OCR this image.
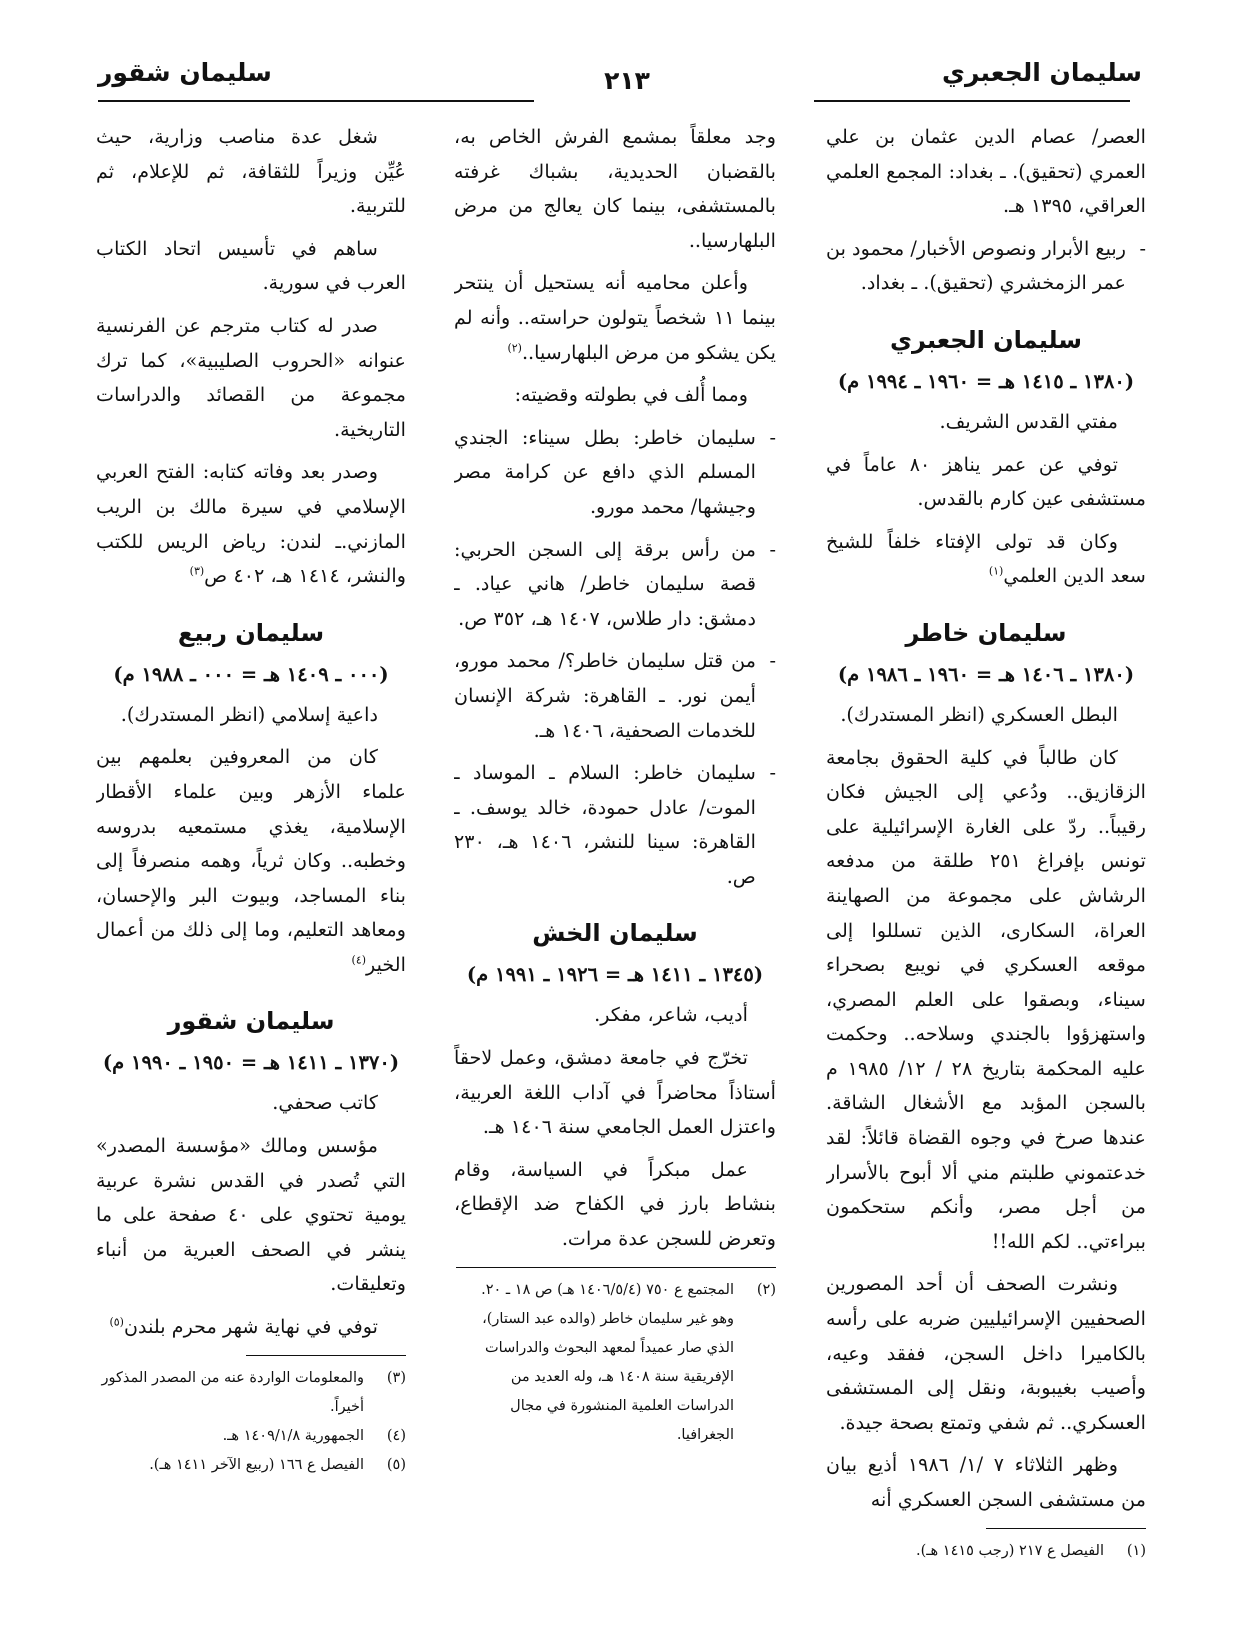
سليمان الجعبري
٢١٣
سليمان شقور
العصر/ عصام الدين عثمان بن علي العمري (تحقيق). ـ بغداد: المجمع العلمي العراقي، ١٣٩٥ هـ.
- ربيع الأبرار ونصوص الأخبار/ محمود بن عمر الزمخشري (تحقيق). ـ بغداد.
سليمان الجعبري
(١٣٨٠ ـ ١٤١٥ هـ = ١٩٦٠ ـ ١٩٩٤ م)
مفتي القدس الشريف.
توفي عن عمر يناهز ٨٠ عاماً في مستشفى عين كارم بالقدس.
وكان قد تولى الإفتاء خلفاً للشيخ سعد الدين العلمي$^{(١)}$
سليمان خاطر
(١٣٨٠ ـ ١٤٠٦ هـ = ١٩٦٠ ـ ١٩٨٦ م)
البطل العسكري (انظر المستدرك).
كان طالباً في كلية الحقوق بجامعة الزقازيق.. ودُعي إلى الجيش فكان رقيباً.. ردّ على الغارة الإسرائيلية على تونس بإفراغ ٢٥١ طلقة من مدفعه الرشاش على مجموعة من الصهاينة العراة، السكارى، الذين تسللوا إلى موقعه العسكري في نويبع بصحراء سيناء، وبصقوا على العلم المصري، واستهزؤوا بالجندي وسلاحه.. وحكمت عليه المحكمة بتاريخ ٢٨ / ١٢/ ١٩٨٥ م بالسجن المؤبد مع الأشغال الشاقة. عندها صرخ في وجوه القضاة قائلاً: لقد خدعتموني طلبتم مني ألا أبوح بالأسرار من أجل مصر، وأنكم ستحكمون ببراءتي.. لكم الله!!
ونشرت الصحف أن أحد المصورين الصحفيين الإسرائيليين ضربه على رأسه بالكاميرا داخل السجن، ففقد وعيه، وأصيب بغيبوبة، ونقل إلى المستشفى العسكري.. ثم شفي وتمتع بصحة جيدة.
وظهر الثلاثاء ٧ /١/ ١٩٨٦ أذيع بيان من مستشفى السجن العسكري أنه
(١)
الفيصل ع ٢١٧ (رجب ١٤١٥ هـ).
وجد معلقاً بمشمع الفرش الخاص به، بالقضبان الحديدية، بشباك غرفته بالمستشفى، بينما كان يعالج من مرض البلهارسيا..
وأعلن محاميه أنه يستحيل أن ينتحر بينما ١١ شخصاً يتولون حراسته.. وأنه لم يكن يشكو من مرض البلهارسيا..$^{(٢)}$
ومما أُلف في بطولته وقضيته:
- سليمان خاطر: بطل سيناء: الجندي المسلم الذي دافع عن كرامة مصر وجيشها/ محمد مورو.
- من رأس برقة إلى السجن الحربي: قصة سليمان خاطر/ هاني عياد. ـ دمشق: دار طلاس، ١٤٠٧ هـ، ٣٥٢ ص.
- من قتل سليمان خاطر؟/ محمد مورو، أيمن نور. ـ القاهرة: شركة الإنسان للخدمات الصحفية، ١٤٠٦ هـ.
- سليمان خاطر: السلام ـ الموساد ـ الموت/ عادل حمودة، خالد يوسف. ـ القاهرة: سينا للنشر، ١٤٠٦ هـ، ٢٣٠ ص.
سليمان الخش
(١٣٤٥ ـ ١٤١١ هـ = ١٩٢٦ ـ ١٩٩١ م)
أديب، شاعر، مفكر.
تخرّج في جامعة دمشق، وعمل لاحقاً أستاذاً محاضراً في آداب اللغة العربية، واعتزل العمل الجامعي سنة ١٤٠٦ هـ.
عمل مبكراً في السياسة، وقام بنشاط بارز في الكفاح ضد الإقطاع، وتعرض للسجن عدة مرات.
(٢)
المجتمع ع ٧٥٠ (١٤٠٦/٥/٤ هـ) ص ١٨ ـ ٢٠.
وهو غير سليمان خاطر (والده عبد الستار)، الذي صار عميداً لمعهد البحوث والدراسات الإفريقية سنة ١٤٠٨ هـ، وله العديد من الدراسات العلمية المنشورة في مجال الجغرافيا.
شغل عدة مناصب وزارية، حيث عُيِّن وزيراً للثقافة، ثم للإعلام، ثم للتربية.
ساهم في تأسيس اتحاد الكتاب العرب في سورية.
صدر له كتاب مترجم عن الفرنسية عنوانه «الحروب الصليبية»، كما ترك مجموعة من القصائد والدراسات التاريخية.
وصدر بعد وفاته كتابه: الفتح العربي الإسلامي في سيرة مالك بن الريب المازني.ـ لندن: رياض الريس للكتب والنشر، ١٤١٤ هـ، ٤٠٢ ص$^{(٣)}$
سليمان ربيع
(٠٠٠ ـ ١٤٠٩ هـ = ٠٠٠ ـ ١٩٨٨ م)
داعية إسلامي (انظر المستدرك).
كان من المعروفين بعلمهم بين علماء الأزهر وبين علماء الأقطار الإسلامية، يغذي مستمعيه بدروسه وخطبه.. وكان ثرياً، وهمه منصرفاً إلى بناء المساجد، وبيوت البر والإحسان، ومعاهد التعليم، وما إلى ذلك من أعمال الخير$^{(٤)}$
سليمان شقور
(١٣٧٠ ـ ١٤١١ هـ = ١٩٥٠ ـ ١٩٩٠ م)
كاتب صحفي.
مؤسس ومالك «مؤسسة المصدر» التي تُصدر في القدس نشرة عربية يومية تحتوي على ٤٠ صفحة على ما ينشر في الصحف العبرية من أنباء وتعليقات.
توفي في نهاية شهر محرم بلندن$^{(٥)}$
(٣)
والمعلومات الواردة عنه من المصدر المذكور أخيراً.
(٤)
الجمهورية ١٤٠٩/١/٨ هـ.
(٥)
الفيصل ع ١٦٦ (ربيع الآخر ١٤١١ هـ).
